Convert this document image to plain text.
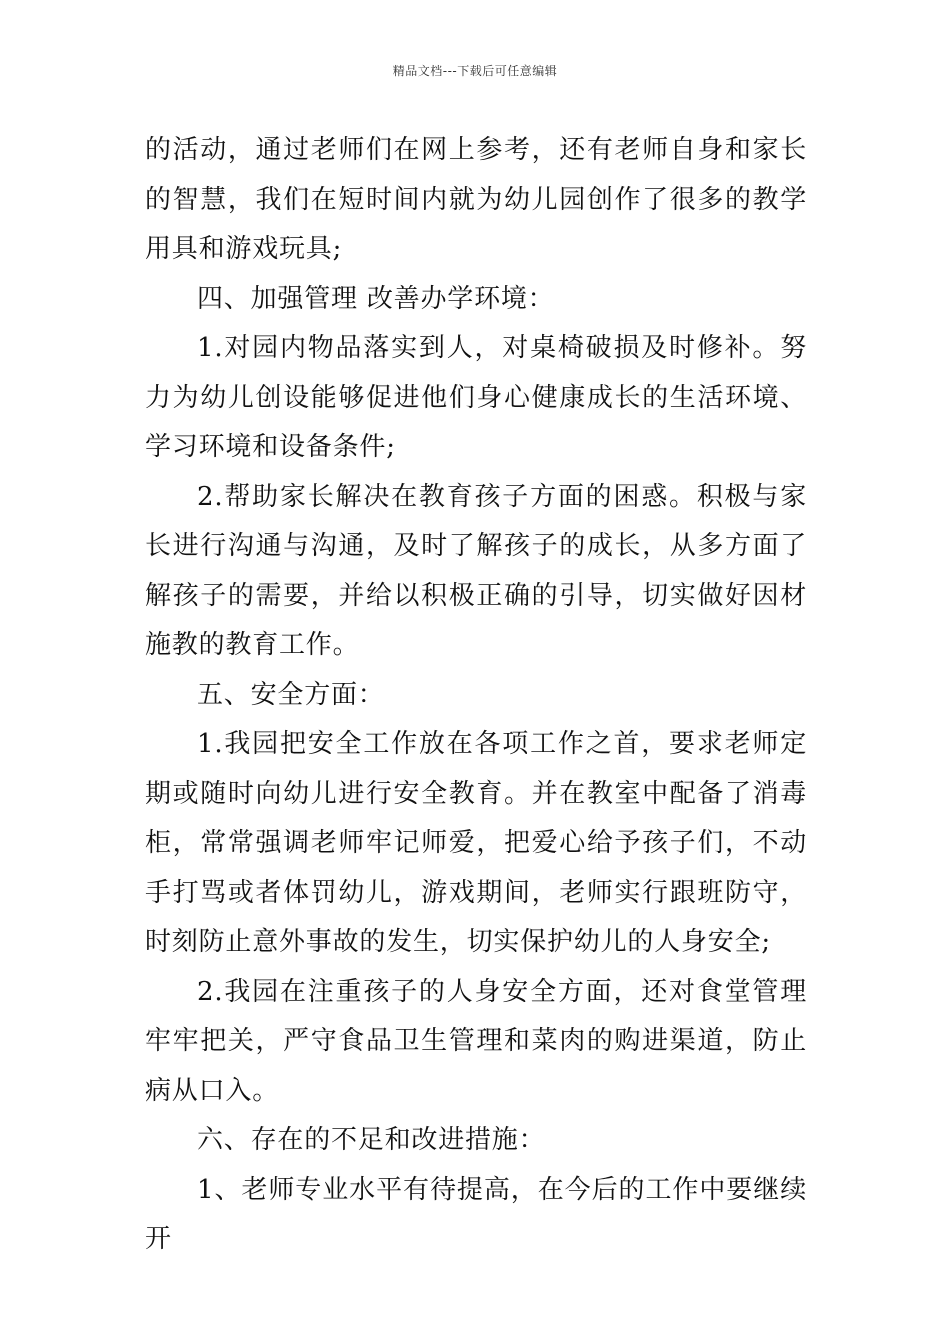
精品文档---下载后可任意编辑

的活动，通过老师们在网上参考，还有老师自身和家长的智慧，我们在短时间内就为幼儿园创作了很多的教学用具和游戏玩具;

四、加强管理 改善办学环境：

1.对园内物品落实到人，对桌椅破损及时修补。努力为幼儿创设能够促进他们身心健康成长的生活环境、学习环境和设备条件;

2.帮助家长解决在教育孩子方面的困惑。积极与家长进行沟通与沟通，及时了解孩子的成长，从多方面了解孩子的需要，并给以积极正确的引导，切实做好因材施教的教育工作。

五、安全方面：

1.我园把安全工作放在各项工作之首，要求老师定期或随时向幼儿进行安全教育。并在教室中配备了消毒柜，常常强调老师牢记师爱，把爱心给予孩子们，不动手打骂或者体罚幼儿，游戏期间，老师实行跟班防守，时刻防止意外事故的发生，切实保护幼儿的人身安全;

2.我园在注重孩子的人身安全方面，还对食堂管理牢牢把关，严守食品卫生管理和菜肉的购进渠道，防止病从口入。

六、存在的不足和改进措施：

1、老师专业水平有待提高，在今后的工作中要继续开
